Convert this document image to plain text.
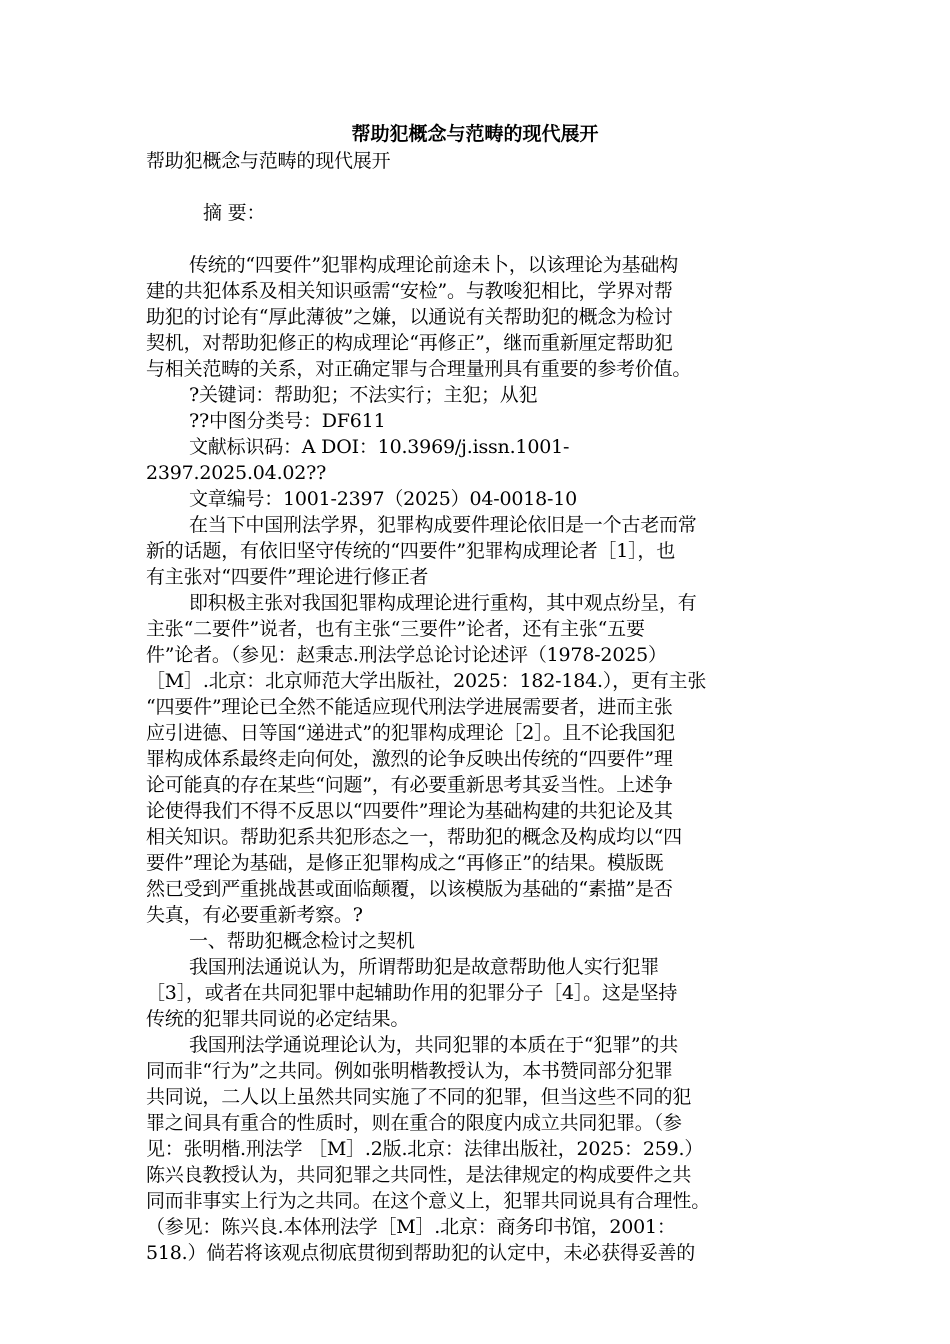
帮助犯概念与范畴的现代展开
帮助犯概念与范畴的现代展开
摘 要：
传统的“四要件”犯罪构成理论前途未卜，以该理论为基础构
建的共犯体系及相关知识亟需“安检”。与教唆犯相比，学界对帮
助犯的讨论有“厚此薄彼”之嫌，以通说有关帮助犯的概念为检讨
契机，对帮助犯修正的构成理论“再修正”，继而重新厘定帮助犯
与相关范畴的关系，对正确定罪与合理量刑具有重要的参考价值。
?关键词：帮助犯；不法实行；主犯；从犯
??中图分类号：DF611
文献标识码：A DOI：10.3969/j.issn.1001-
2397.2025.04.02??
文章编号：1001-2397（2025）04-0018-10
在当下中国刑法学界，犯罪构成要件理论依旧是一个古老而常
新的话题，有依旧坚守传统的“四要件”犯罪构成理论者［1］，也
有主张对“四要件”理论进行修正者
即积极主张对我国犯罪构成理论进行重构，其中观点纷呈，有
主张“二要件”说者，也有主张“三要件”论者，还有主张“五要
件”论者。（参见：赵秉志.刑法学总论讨论述评（1978-2025）
［M］.北京：北京师范大学出版社，2025：182-184.），更有主张
“四要件”理论已全然不能适应现代刑法学进展需要者，进而主张
应引进德、日等国“递进式”的犯罪构成理论［2］。且不论我国犯
罪构成体系最终走向何处，激烈的论争反映出传统的“四要件”理
论可能真的存在某些“问题”，有必要重新思考其妥当性。上述争
论使得我们不得不反思以“四要件”理论为基础构建的共犯论及其
相关知识。帮助犯系共犯形态之一，帮助犯的概念及构成均以“四
要件”理论为基础，是修正犯罪构成之“再修正”的结果。模版既
然已受到严重挑战甚或面临颠覆，以该模版为基础的“素描”是否
失真，有必要重新考察。?
一、帮助犯概念检讨之契机
我国刑法通说认为，所谓帮助犯是故意帮助他人实行犯罪
［3］，或者在共同犯罪中起辅助作用的犯罪分子［4］。这是坚持
传统的犯罪共同说的必定结果。
我国刑法学通说理论认为，共同犯罪的本质在于“犯罪”的共
同而非“行为”之共同。例如张明楷教授认为，本书赞同部分犯罪
共同说，二人以上虽然共同实施了不同的犯罪，但当这些不同的犯
罪之间具有重合的性质时，则在重合的限度内成立共同犯罪。（参
见：张明楷.刑法学 ［M］.2版.北京：法律出版社，2025：259.）
陈兴良教授认为，共同犯罪之共同性，是法律规定的构成要件之共
同而非事实上行为之共同。在这个意义上，犯罪共同说具有合理性。
（参见：陈兴良.本体刑法学［M］.北京：商务印书馆，2001：
518.）倘若将该观点彻底贯彻到帮助犯的认定中，未必获得妥善的
